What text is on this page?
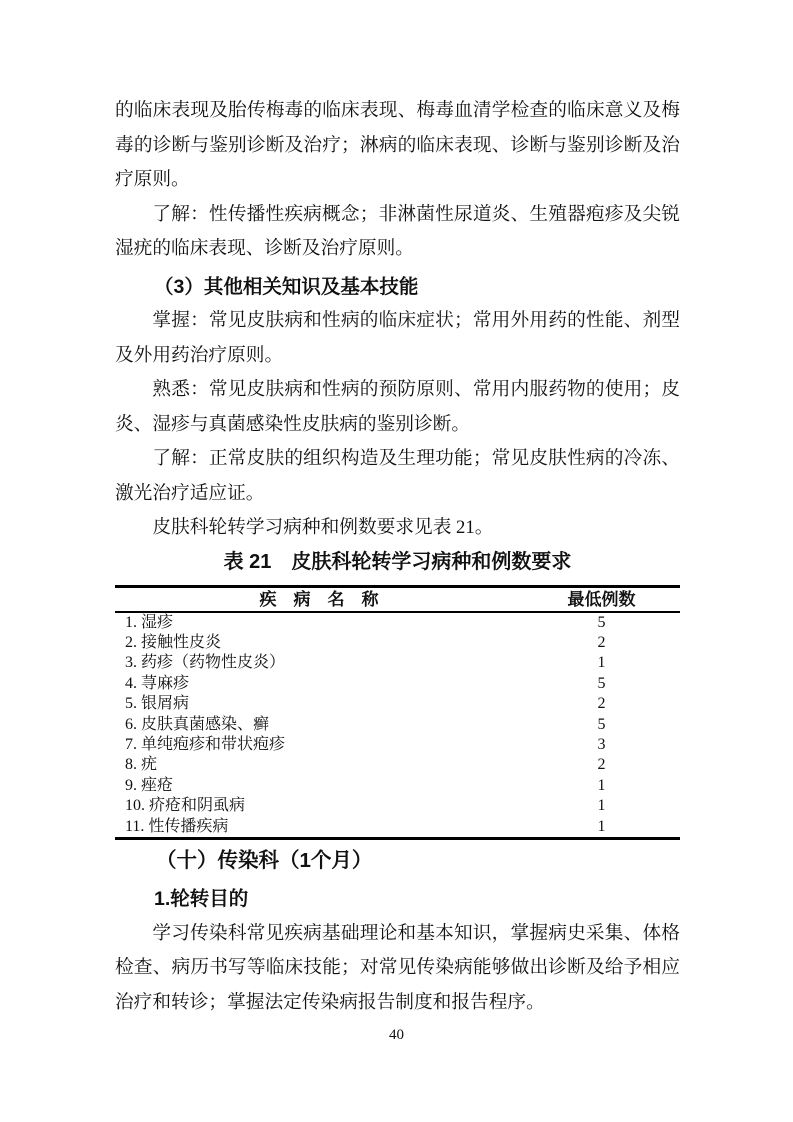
的临床表现及胎传梅毒的临床表现、梅毒血清学检查的临床意义及梅毒的诊断与鉴别诊断及治疗；淋病的临床表现、诊断与鉴别诊断及治疗原则。

了解：性传播性疾病概念；非淋菌性尿道炎、生殖器疱疹及尖锐湿疣的临床表现、诊断及治疗原则。

（3）其他相关知识及基本技能

掌握：常见皮肤病和性病的临床症状；常用外用药的性能、剂型及外用药治疗原则。

熟悉：常见皮肤病和性病的预防原则、常用内服药物的使用；皮炎、湿疹与真菌感染性皮肤病的鉴别诊断。

了解：正常皮肤的组织构造及生理功能；常见皮肤性病的冷冻、激光治疗适应证。

皮肤科轮转学习病种和例数要求见表 21。

表 21　皮肤科轮转学习病种和例数要求
疾　病　名　称	最低例数
1. 湿疹	5
2. 接触性皮炎	2
3. 药疹（药物性皮炎）	1
4. 荨麻疹	5
5. 银屑病	2
6. 皮肤真菌感染、癣	5
7. 单纯疱疹和带状疱疹	3
8. 疣	2
9. 痤疮	1
10. 疥疮和阴虱病	1
11. 性传播疾病	1
（十）传染科（1个月）
1.轮转目的

学习传染科常见疾病基础理论和基本知识，掌握病史采集、体格检查、病历书写等临床技能；对常见传染病能够做出诊断及给予相应治疗和转诊；掌握法定传染病报告制度和报告程序。

40
